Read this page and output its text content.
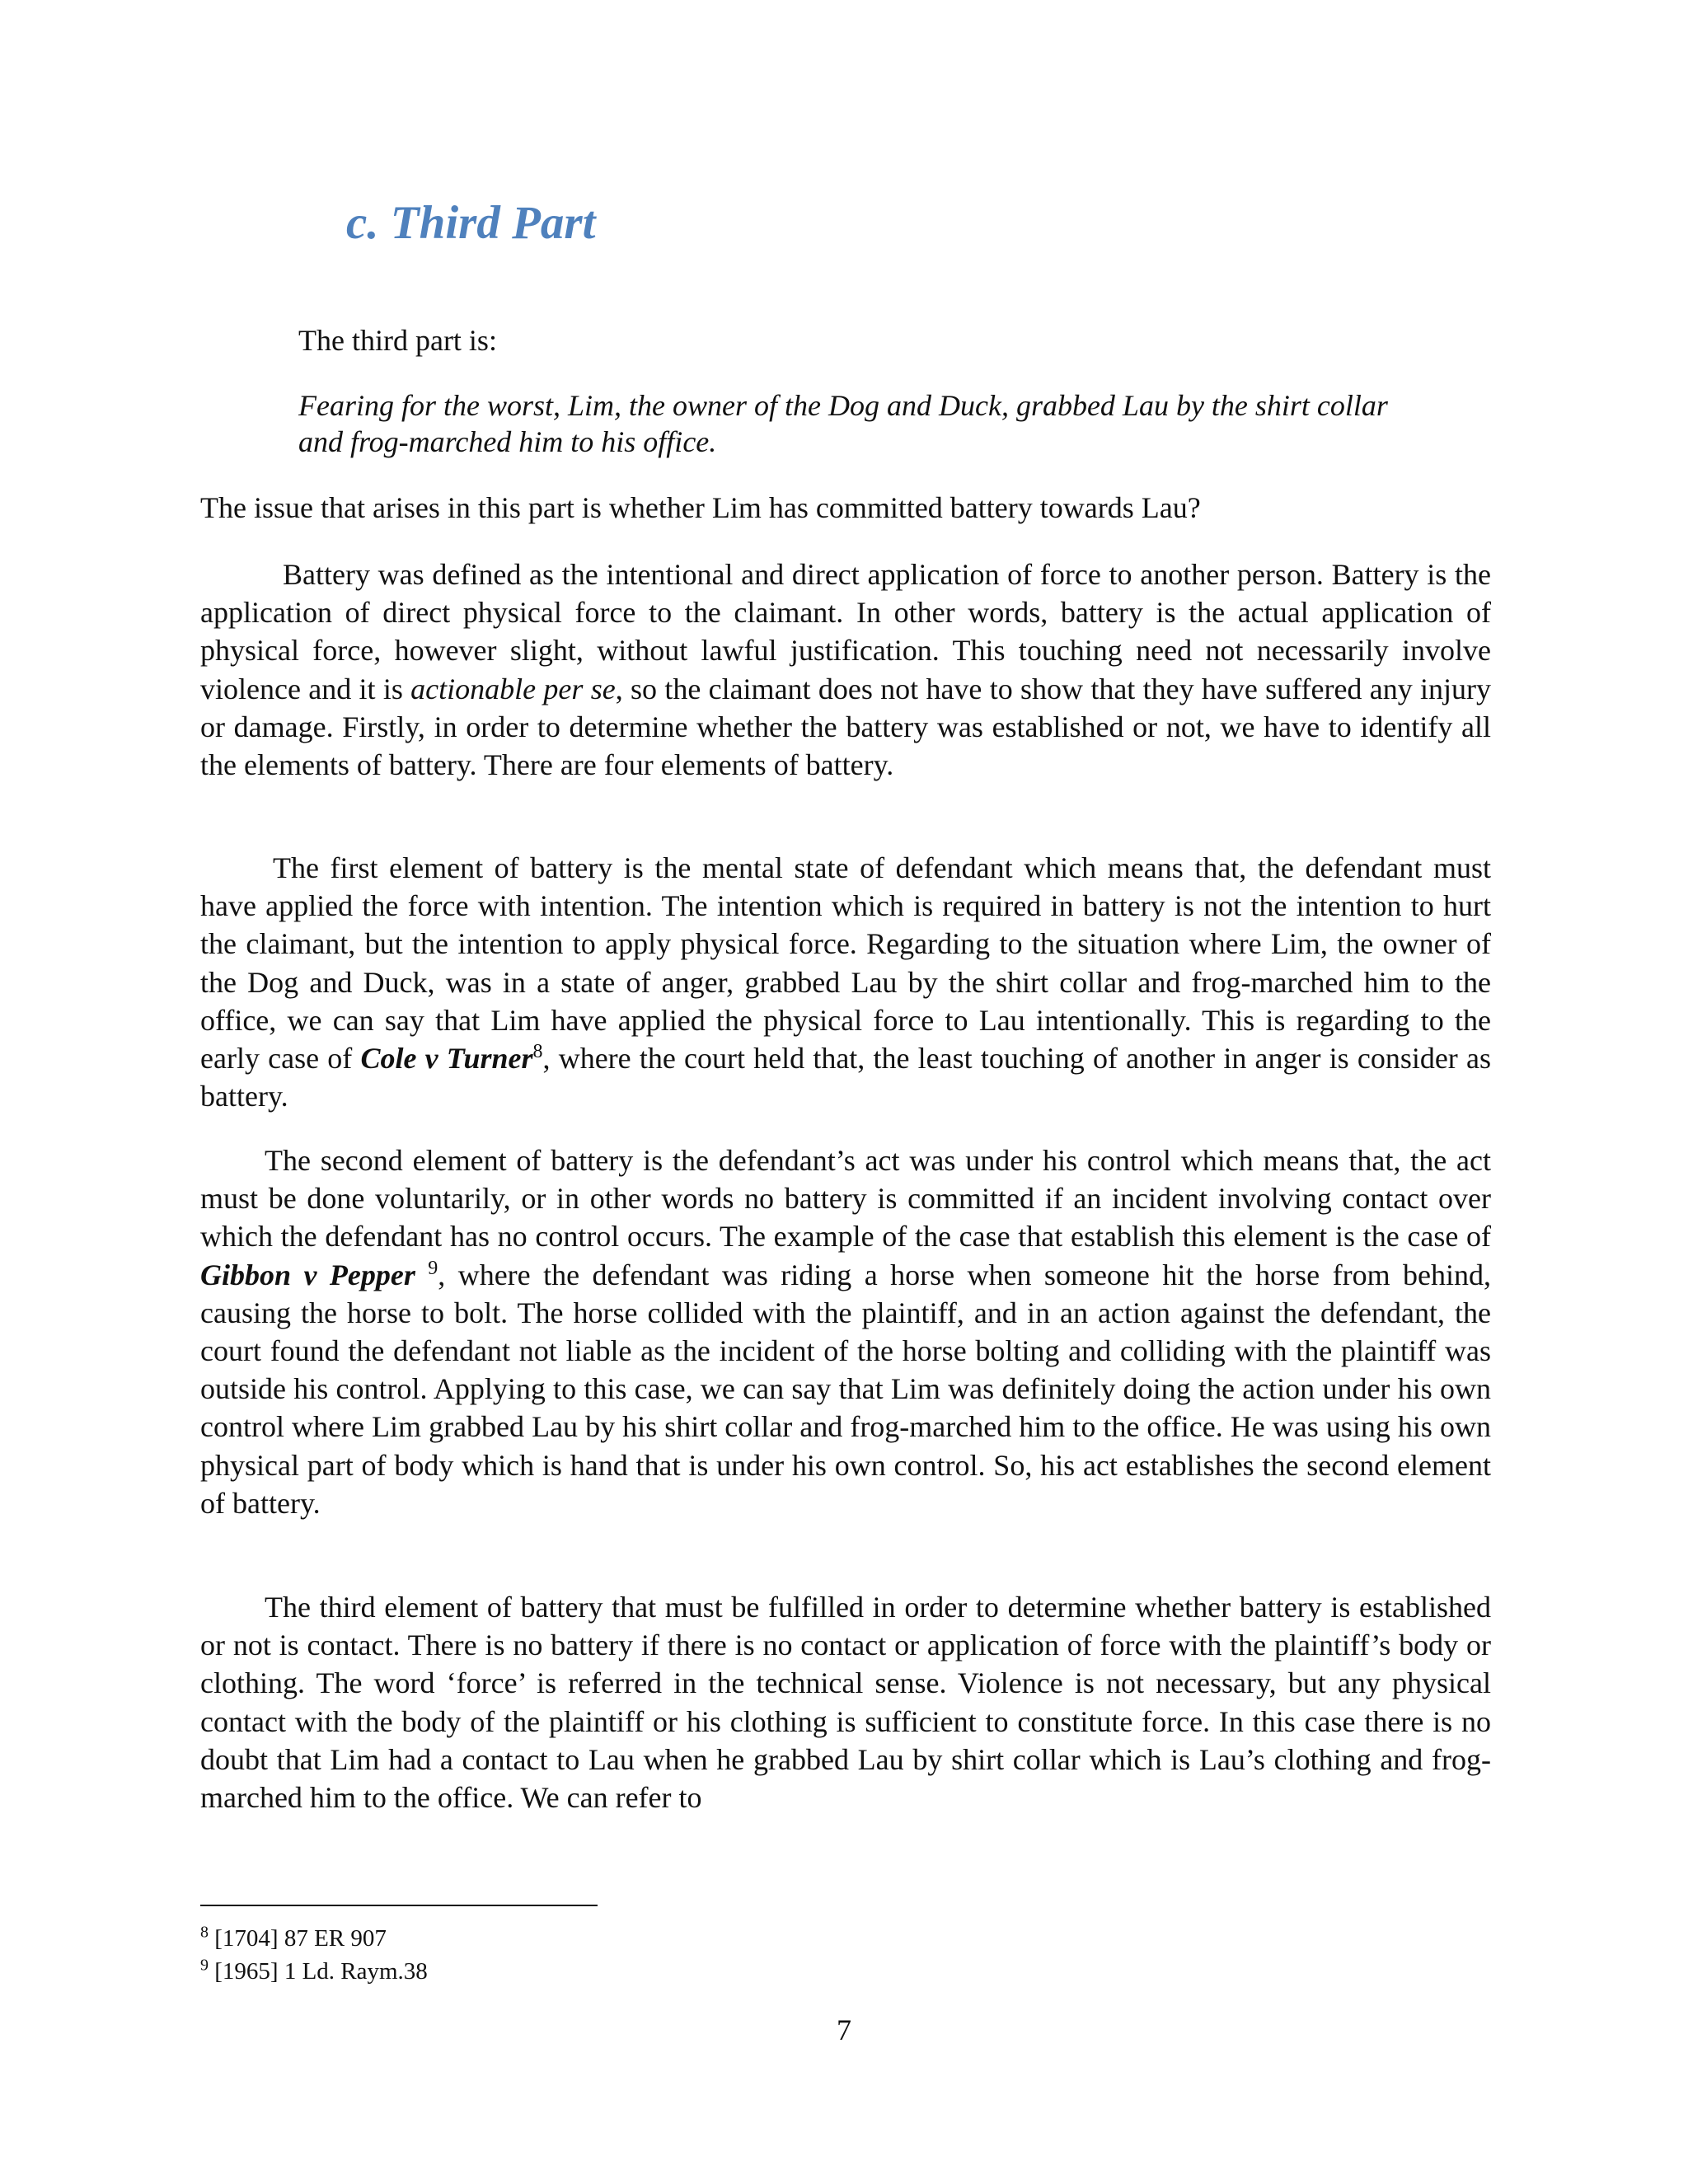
c. Third Part

The third part is:

Fearing for the worst, Lim, the owner of the Dog and Duck, grabbed Lau by the shirt collar and frog-marched him to his office.

The issue that arises in this part is whether Lim has committed battery towards Lau?

Battery was defined as the intentional and direct application of force to another person. Battery is the application of direct physical force to the claimant. In other words, battery is the actual application of physical force, however slight, without lawful justification. This touching need not necessarily involve violence and it is actionable per se, so the claimant does not have to show that they have suffered any injury or damage. Firstly, in order to determine whether the battery was established or not, we have to identify all the elements of battery. There are four elements of battery.

The first element of battery is the mental state of defendant which means that, the defendant must have applied the force with intention. The intention which is required in battery is not the intention to hurt the claimant, but the intention to apply physical force. Regarding to the situation where Lim, the owner of the Dog and Duck, was in a state of anger, grabbed Lau by the shirt collar and frog-marched him to the office, we can say that Lim have applied the physical force to Lau intentionally. This is regarding to the early case of Cole v Turner$^8$, where the court held that, the least touching of another in anger is consider as battery.

The second element of battery is the defendant’s act was under his control which means that, the act must be done voluntarily, or in other words no battery is committed if an incident involving contact over which the defendant has no control occurs. The example of the case that establish this element is the case of Gibbon v Pepper $^9$, where the defendant was riding a horse when someone hit the horse from behind, causing the horse to bolt. The horse collided with the plaintiff, and in an action against the defendant, the court found the defendant not liable as the incident of the horse bolting and colliding with the plaintiff was outside his control. Applying to this case, we can say that Lim was definitely doing the action under his own control where Lim grabbed Lau by his shirt collar and frog-marched him to the office. He was using his own physical part of body which is hand that is under his own control. So, his act establishes the second element of battery.

The third element of battery that must be fulfilled in order to determine whether battery is established or not is contact. There is no battery if there is no contact or application of force with the plaintiff’s body or clothing. The word ‘force’ is referred in the technical sense. Violence is not necessary, but any physical contact with the body of the plaintiff or his clothing is sufficient to constitute force. In this case there is no doubt that Lim had a contact to Lau when he grabbed Lau by shirt collar which is Lau’s clothing and frog-marched him to the office. We can refer to

$^8$ [1704] 87 ER 907

$^9$ [1965] 1 Ld. Raym.38

7
